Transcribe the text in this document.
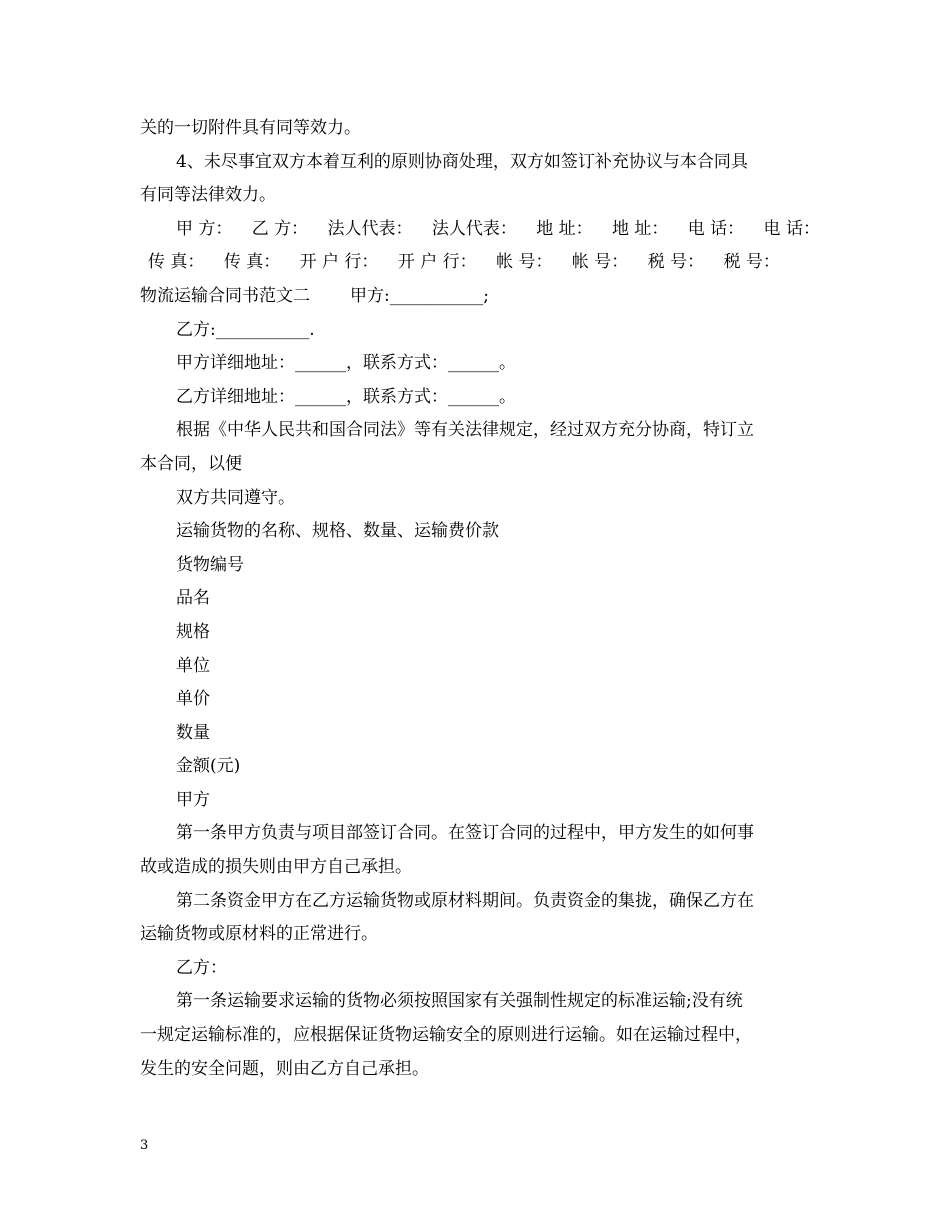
关的一切附件具有同等效力。
4、未尽事宜双方本着互利的原则协商处理，双方如签订补充协议与本合同具
有同等法律效力。
甲 方： 乙 方： 法人代表： 法人代表： 地 址： 地 址： 电 话： 电 话：
传 真： 传 真： 开 户 行： 开 户 行： 帐 号： 帐 号： 税 号： 税 号：
物流运输合同书范文二 甲方:___________;
乙方:___________.
甲方详细地址：______，联系方式：______。
乙方详细地址：______，联系方式：______。
根据《中华人民共和国合同法》等有关法律规定，经过双方充分协商，特订立
本合同，以便
双方共同遵守。
运输货物的名称、规格、数量、运输费价款
货物编号
品名
规格
单位
单价
数量
金额(元)
甲方
第一条甲方负责与项目部签订合同。在签订合同的过程中，甲方发生的如何事
故或造成的损失则由甲方自己承担。
第二条资金甲方在乙方运输货物或原材料期间。负责资金的集拢，确保乙方在
运输货物或原材料的正常进行。
乙方：
第一条运输要求运输的货物必须按照国家有关强制性规定的标准运输;没有统
一规定运输标准的，应根据保证货物运输安全的原则进行运输。如在运输过程中，
发生的安全问题，则由乙方自己承担。
3
